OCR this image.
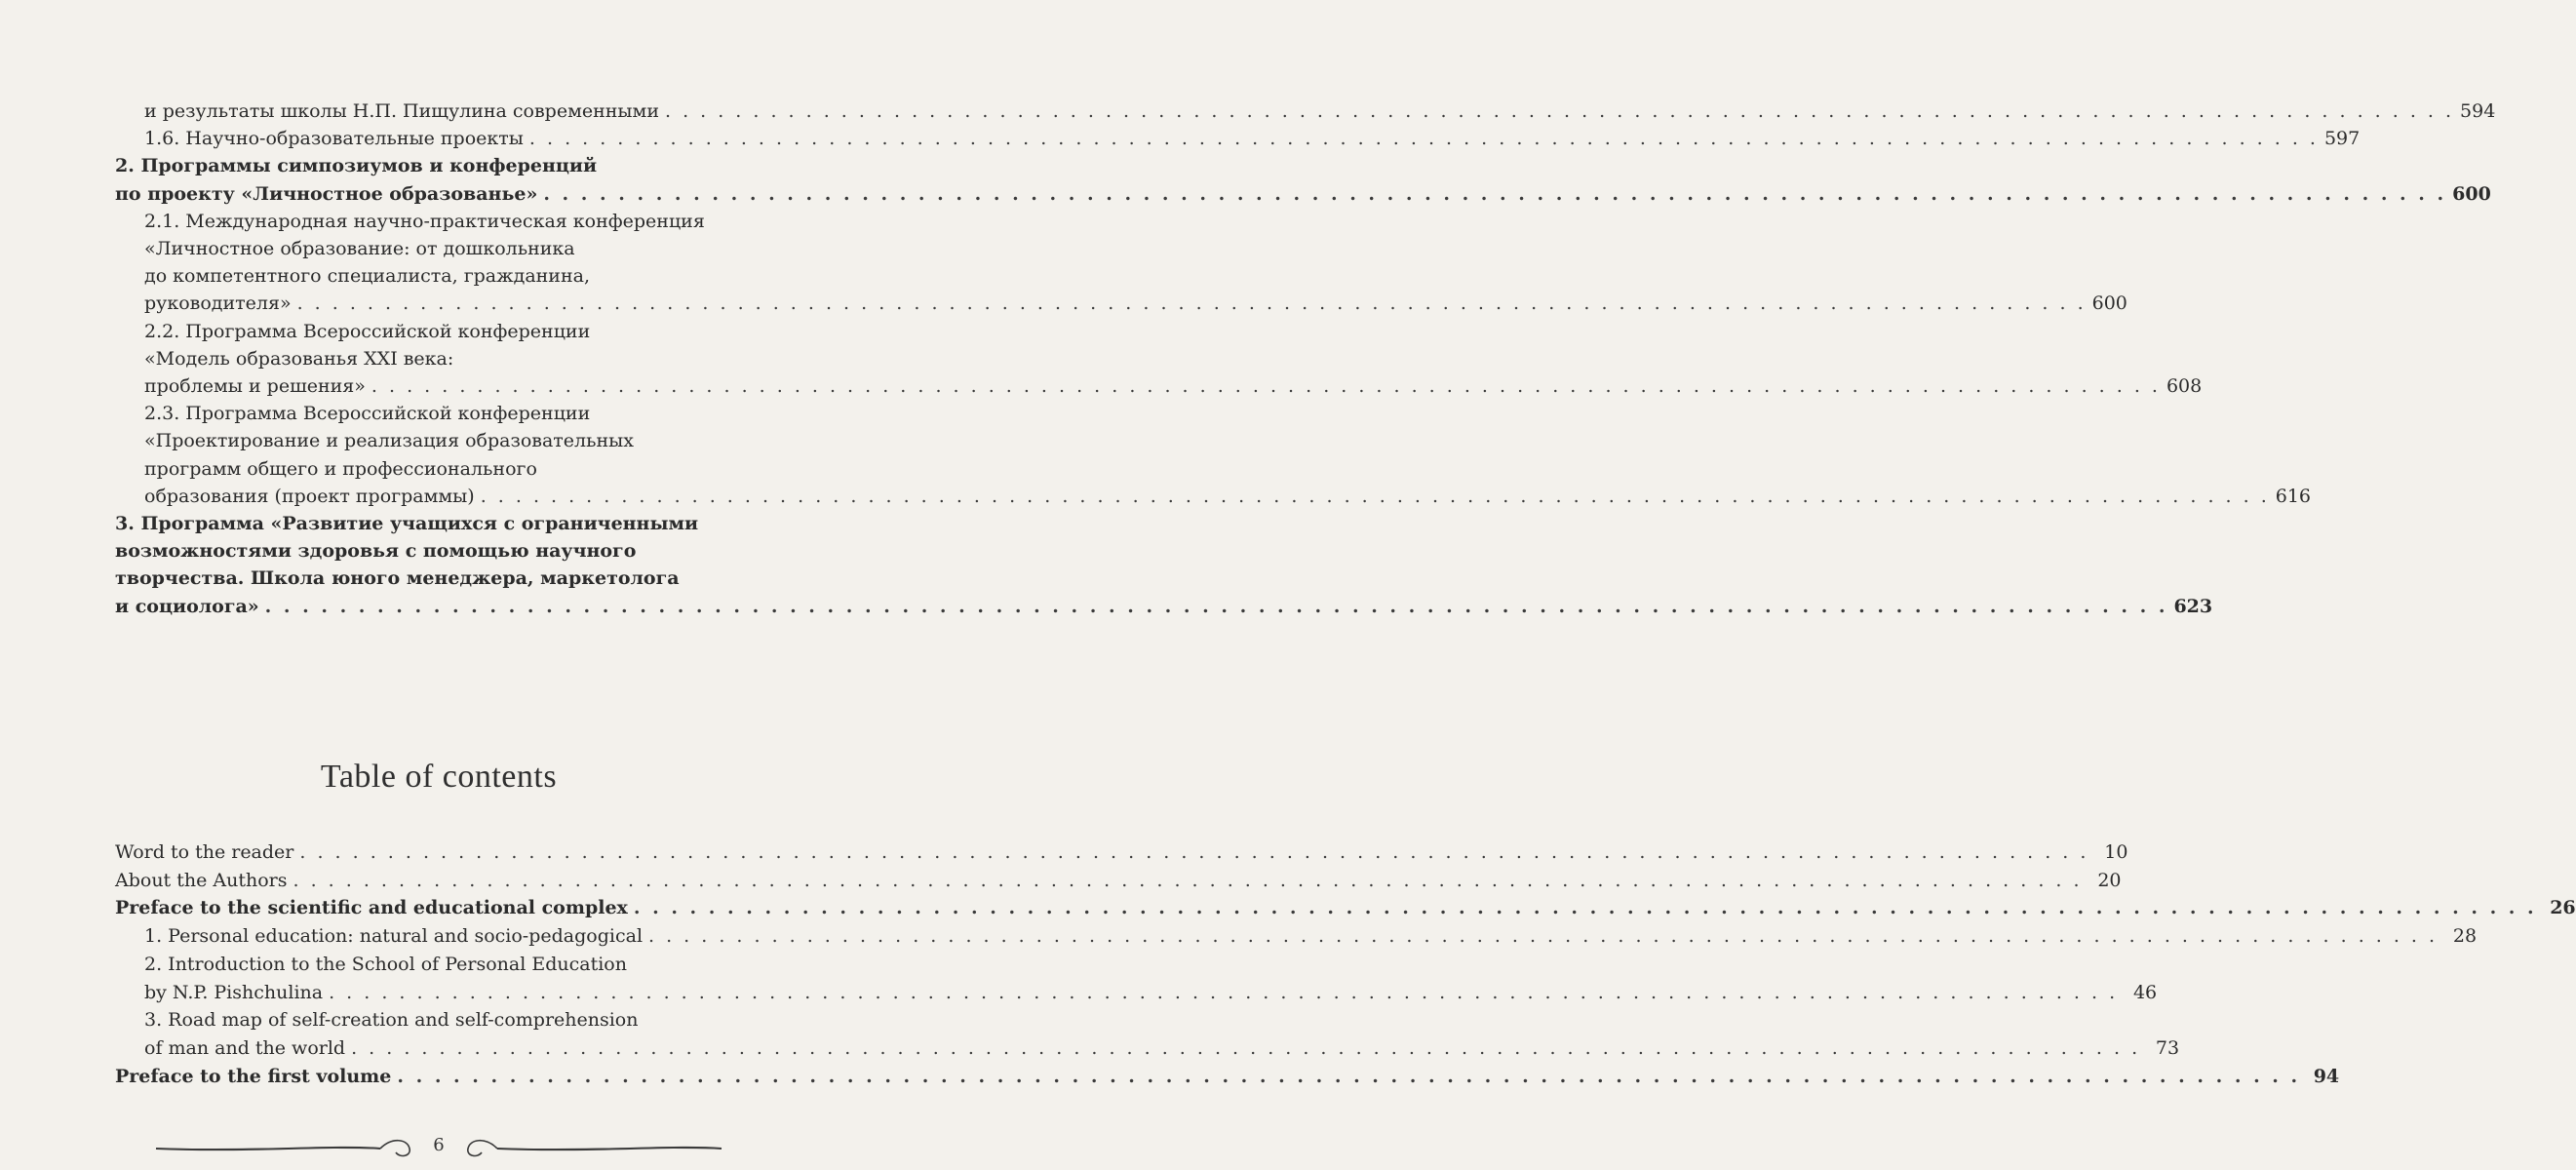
и результаты школы Н.П. Пищулина современными . . .	594
1.6. Научно-образовательные проекты . . .	597
2. Программы симпозиумов и конференций
по проекту «Личностное образованье» . . .	600
2.1. Международная научно-практическая конференция
«Личностное образование: от дошкольника
до компетентного специалиста, гражданина,
руководителя» . . .	600
2.2. Программа Всероссийской конференции
«Модель образованья XXI века:
проблемы и решения» . . .	608
2.3. Программа Всероссийской конференции
«Проектирование и реализация образовательных
программ общего и профессионального
образования (проект программы) . . .	616
3. Программа «Развитие учащихся с ограниченными
возможностями здоровья с помощью научного
творчества. Школа юного менеджера, маркетолога
и социолога» . . .	623
Table of contents
Word to the reader . . .	10
About the Authors . . .	20
Preface to the scientific and educational complex . . .	26
1. Personal education: natural and socio-pedagogical . . .	28
2. Introduction to the School of Personal Education
by N.P. Pishchulina . . .	46
3. Road map of self-creation and self-comprehension
of man and the world . . .	73
Preface to the first volume . . .	94
6
